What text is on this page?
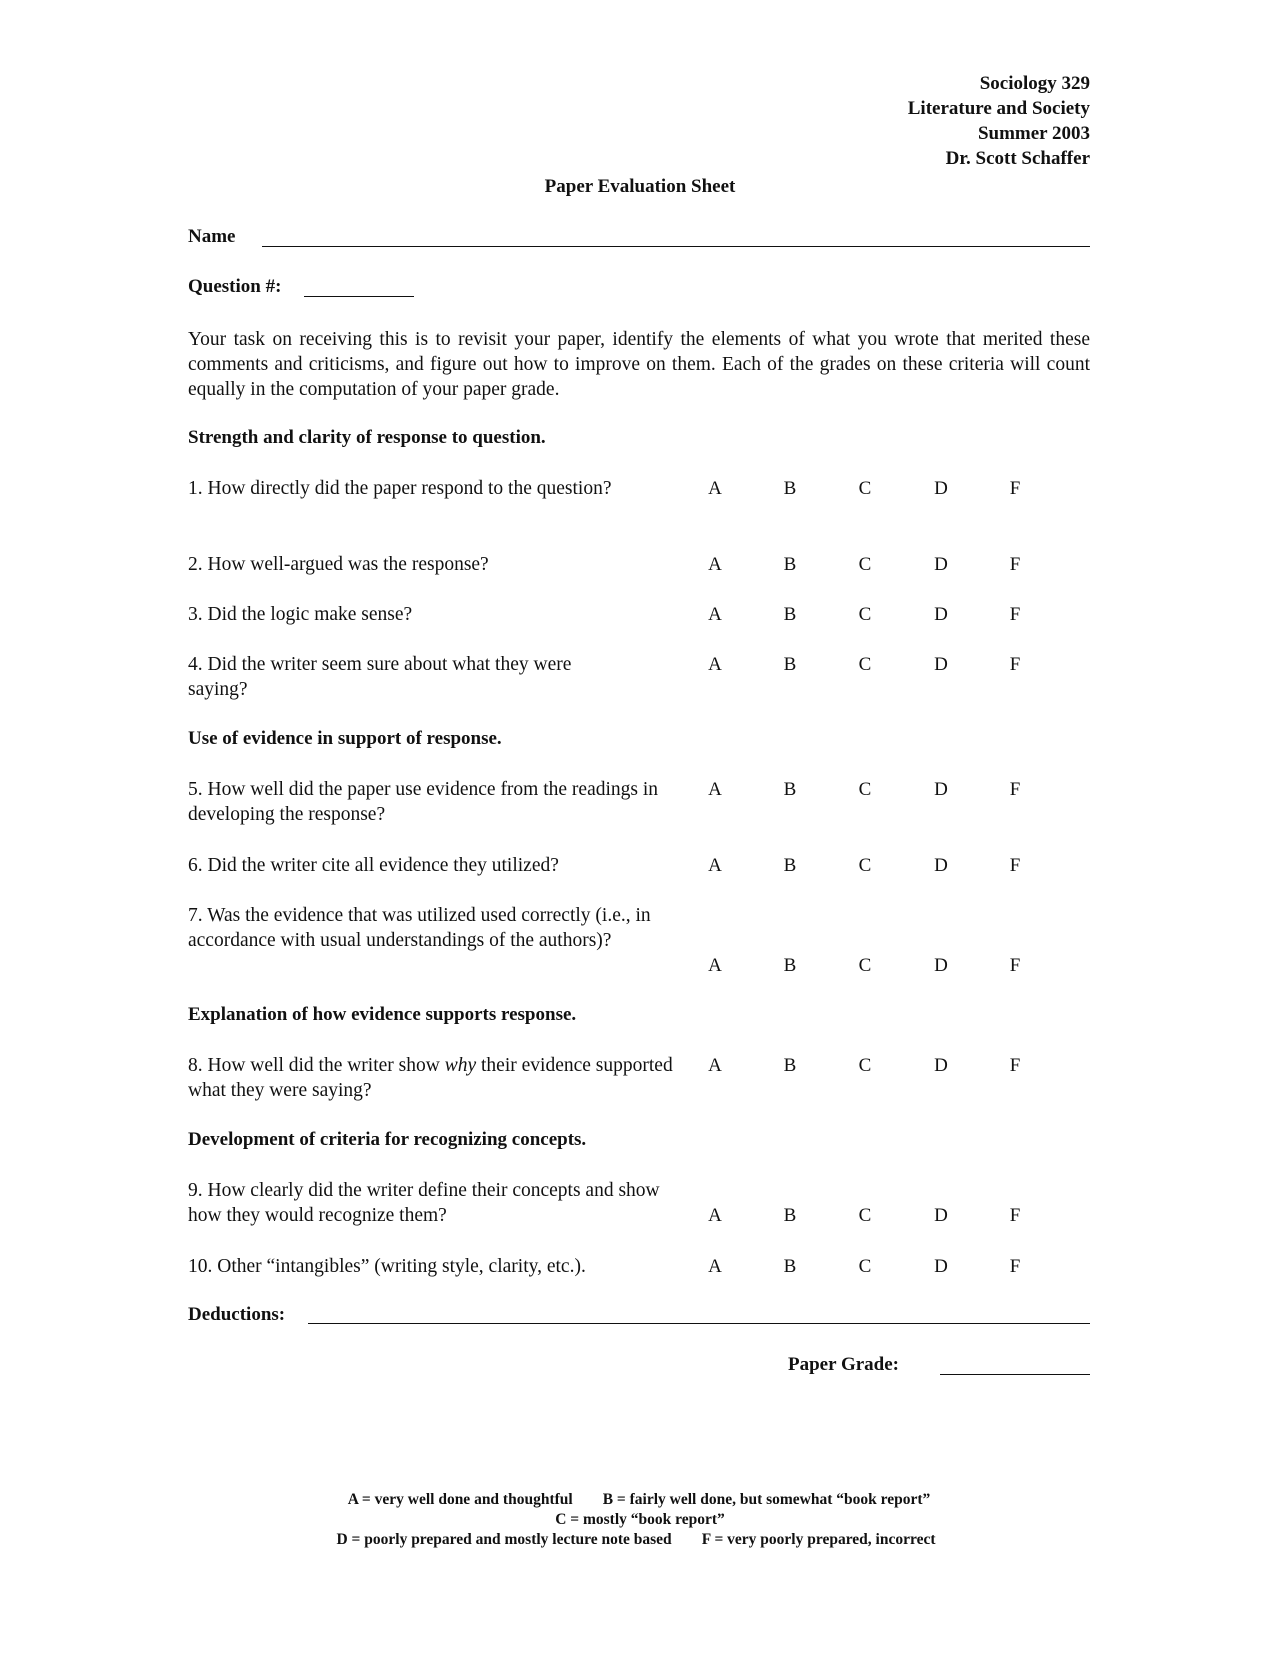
Sociology 329
Literature and Society
Summer 2003
Dr. Scott Schaffer
Paper Evaluation Sheet
Name
Question #:
Your task on receiving this is to revisit your paper, identify the elements of what you wrote that merited these comments and criticisms, and figure out how to improve on them. Each of the grades on these criteria will count equally in the computation of your paper grade.
Strength and clarity of response to question.
1. How directly did the paper respond to the question?	A	B	C	D	F
2. How well-argued was the response?	A	B	C	D	F
3. Did the logic make sense?	A	B	C	D	F
4. Did the writer seem sure about what they were saying?
A	B	C	D	F
Use of evidence in support of response.
5. How well did the paper use evidence from the readings in developing the response?
A	B	C	D	F
6. Did the writer cite all evidence they utilized?	A	B	C	D	F
7. Was the evidence that was utilized used correctly (i.e., in accordance with usual understandings of the authors)?
A	B	C	D	F
Explanation of how evidence supports response.
8. How well did the writer show why their evidence supported what they were saying?
A	B	C	D	F
Development of criteria for recognizing concepts.
9. How clearly did the writer define their concepts and show how they would recognize them?	A	B	C	D	F
10. Other “intangibles” (writing style, clarity, etc.).	A	B	C	D	F
Deductions:
Paper Grade:
A = very well done and thoughtful B = fairly well done, but somewhat “book report”
C = mostly “book report”
D = poorly prepared and mostly lecture note based F = very poorly prepared, incorrect
